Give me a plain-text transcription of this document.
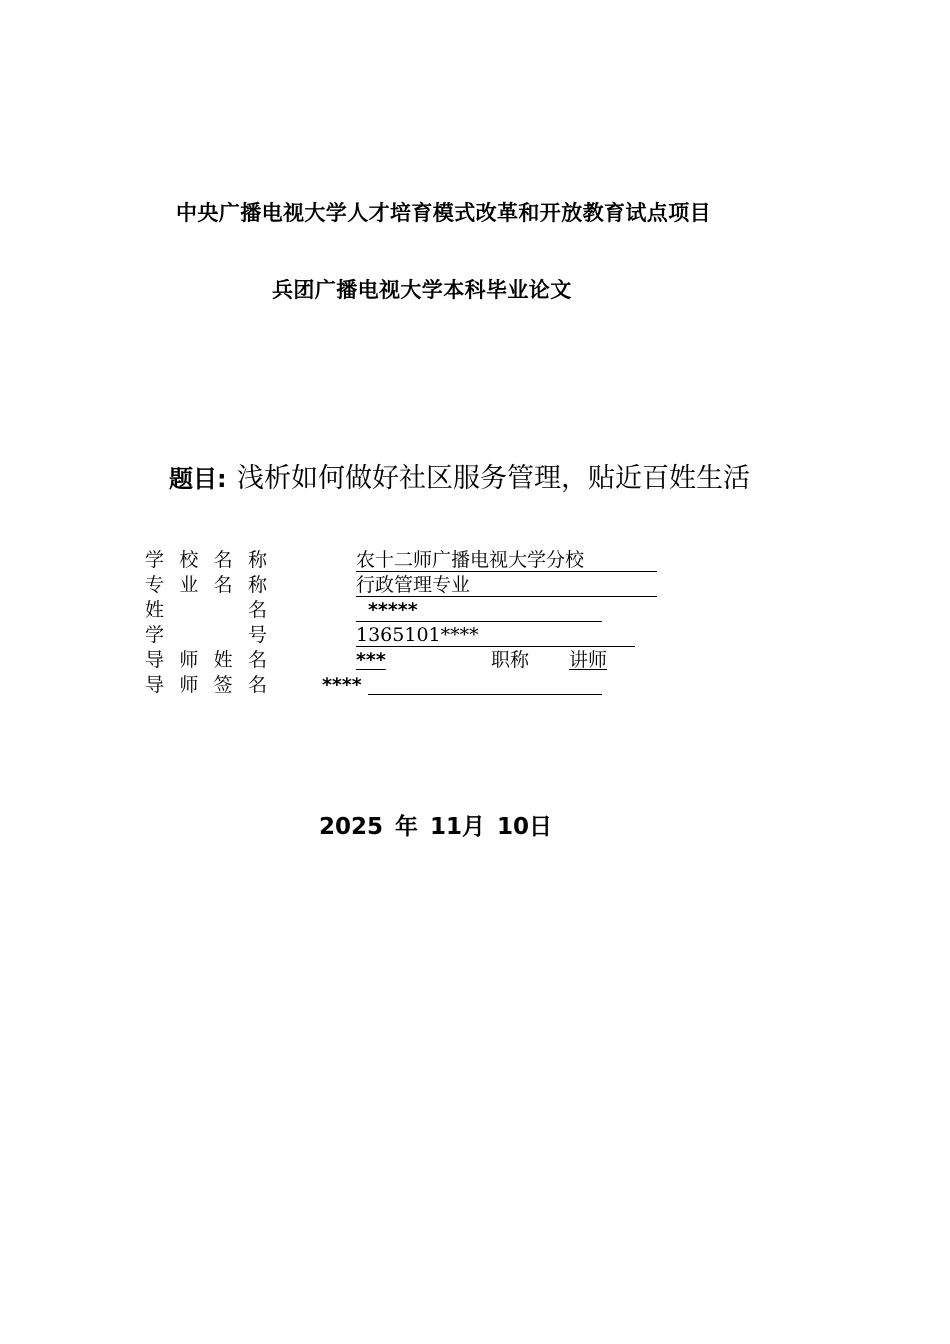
中央广播电视大学人才培育模式改革和开放教育试点项目
兵团广播电视大学本科毕业论文
题目: 浅析如何做好社区服务管理，贴近百姓生活
学 校 名 称	农十二师广播电视大学分校
专 业 名 称	行政管理专业
姓	名	*****
学	号	1365101****
导 师 姓 名	***	职称 讲师
导 师 签 名	****
2025 年 11月 10日
